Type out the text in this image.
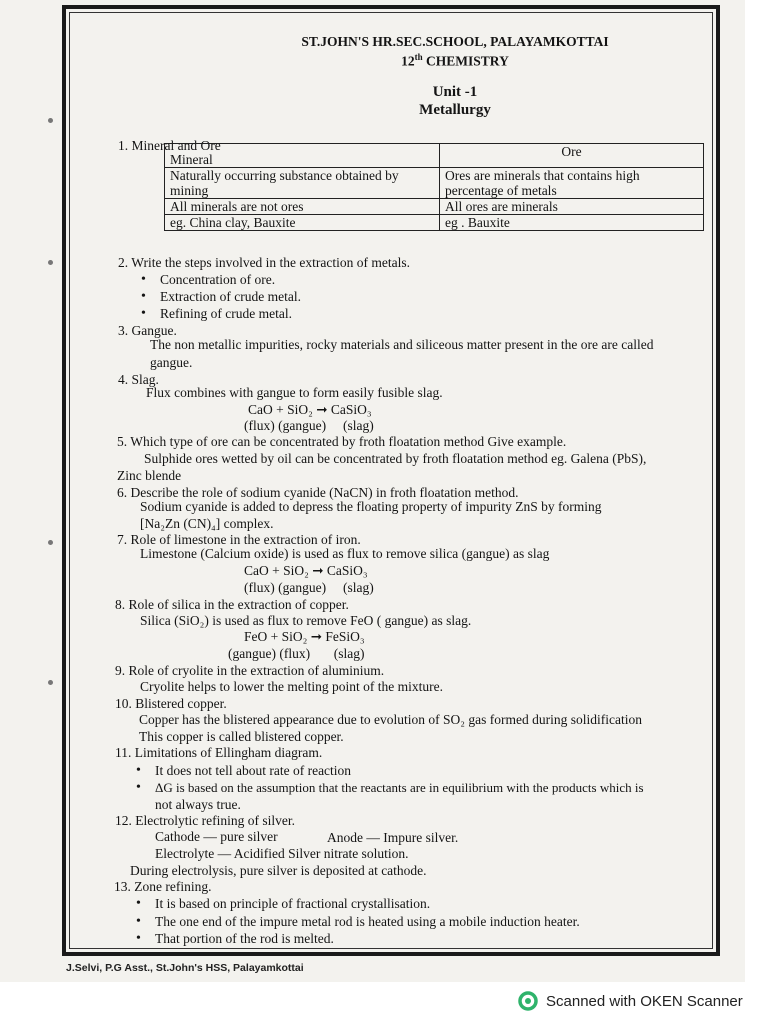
ST.JOHN'S HR.SEC.SCHOOL, PALAYAMKOTTAI
12th CHEMISTRY
Unit -1
Metallurgy
1. Mineral and Ore
Mineral	Ore
Naturally occurring substance obtained by mining	Ores are minerals that contains high percentage of metals
All minerals are not ores	All ores are minerals
eg. China clay, Bauxite	eg . Bauxite
2. Write the steps involved in the extraction of metals.
• Concentration of ore.
• Extraction of crude metal.
• Refining of crude metal.
3. Gangue.
The non metallic impurities, rocky materials and siliceous matter present in the ore are called
gangue.
4. Slag.
Flux combines with gangue to form easily fusible slag.
CaO + SiO₂ ➞ CaSiO₃
(flux) (gangue)     (slag)
5. Which type of ore can be concentrated by froth floatation method Give example.
Sulphide ores wetted by oil can be concentrated by froth floatation method eg. Galena (PbS),
Zinc blende
6. Describe the role of sodium cyanide (NaCN) in froth floatation method.
Sodium cyanide is added to depress the floating property of impurity ZnS by forming
[Na₂Zn (CN)₄] complex.
7. Role of limestone in the extraction of iron.
Limestone (Calcium oxide) is used as flux to remove silica (gangue) as slag
CaO + SiO₂ ➞ CaSiO₃
(flux) (gangue)     (slag)
8. Role of silica in the extraction of copper.
Silica (SiO₂) is used as flux to remove FeO ( gangue) as slag.
FeO + SiO₂ ➞ FeSiO₃
(gangue) (flux)       (slag)
9. Role of cryolite in the extraction of aluminium.
Cryolite helps to lower the melting point of the mixture.
10. Blistered copper.
Copper has the blistered appearance due to evolution of SO₂ gas formed during solidification
This copper is called blistered copper.
11. Limitations of Ellingham diagram.
• It does not tell about rate of reaction
• ΔG is based on the assumption that the reactants are in equilibrium with the products which is
not always true.
12. Electrolytic refining of silver.
Cathode — pure silver	Anode — Impure silver.
Electrolyte — Acidified Silver nitrate solution.
During electrolysis, pure silver is deposited at cathode.
13. Zone refining.
• It is based on principle of fractional crystallisation.
• The one end of the impure metal rod is heated using a mobile induction heater.
• That portion of the rod is melted.
J.Selvi, P.G Asst., St.John's HSS, Palayamkottai
Scanned with OKEN Scanner
